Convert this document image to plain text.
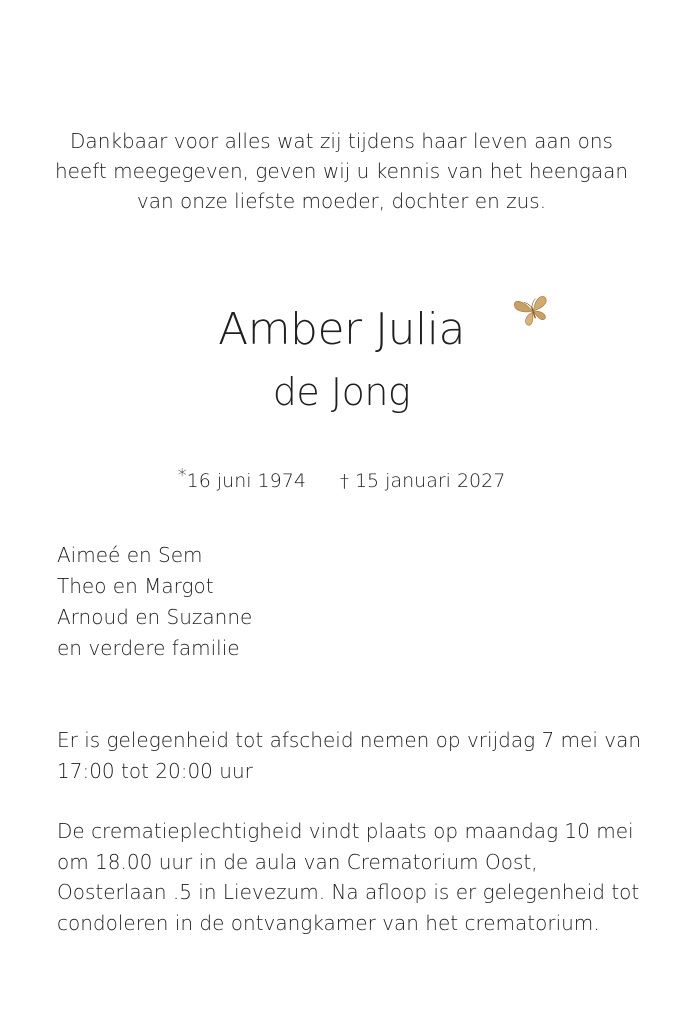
Dankbaar voor alles wat zij tijdens haar leven aan ons
heeft meegegeven, geven wij u kennis van het heengaan
van onze liefste moeder, dochter en zus.
Amber Julia
de Jong
*16 juni 1974 † 15 januari 2027
Aimeé en Sem
Theo en Margot
Arnoud en Suzanne
en verdere familie
Er is gelegenheid tot afscheid nemen op vrijdag 7 mei van
17:00 tot 20:00 uur
De crematieplechtigheid vindt plaats op maandag 10 mei
om 18.00 uur in de aula van Crematorium Oost,
Oosterlaan .5 in Lievezum. Na afloop is er gelegenheid tot
condoleren in de ontvangkamer van het crematorium.
